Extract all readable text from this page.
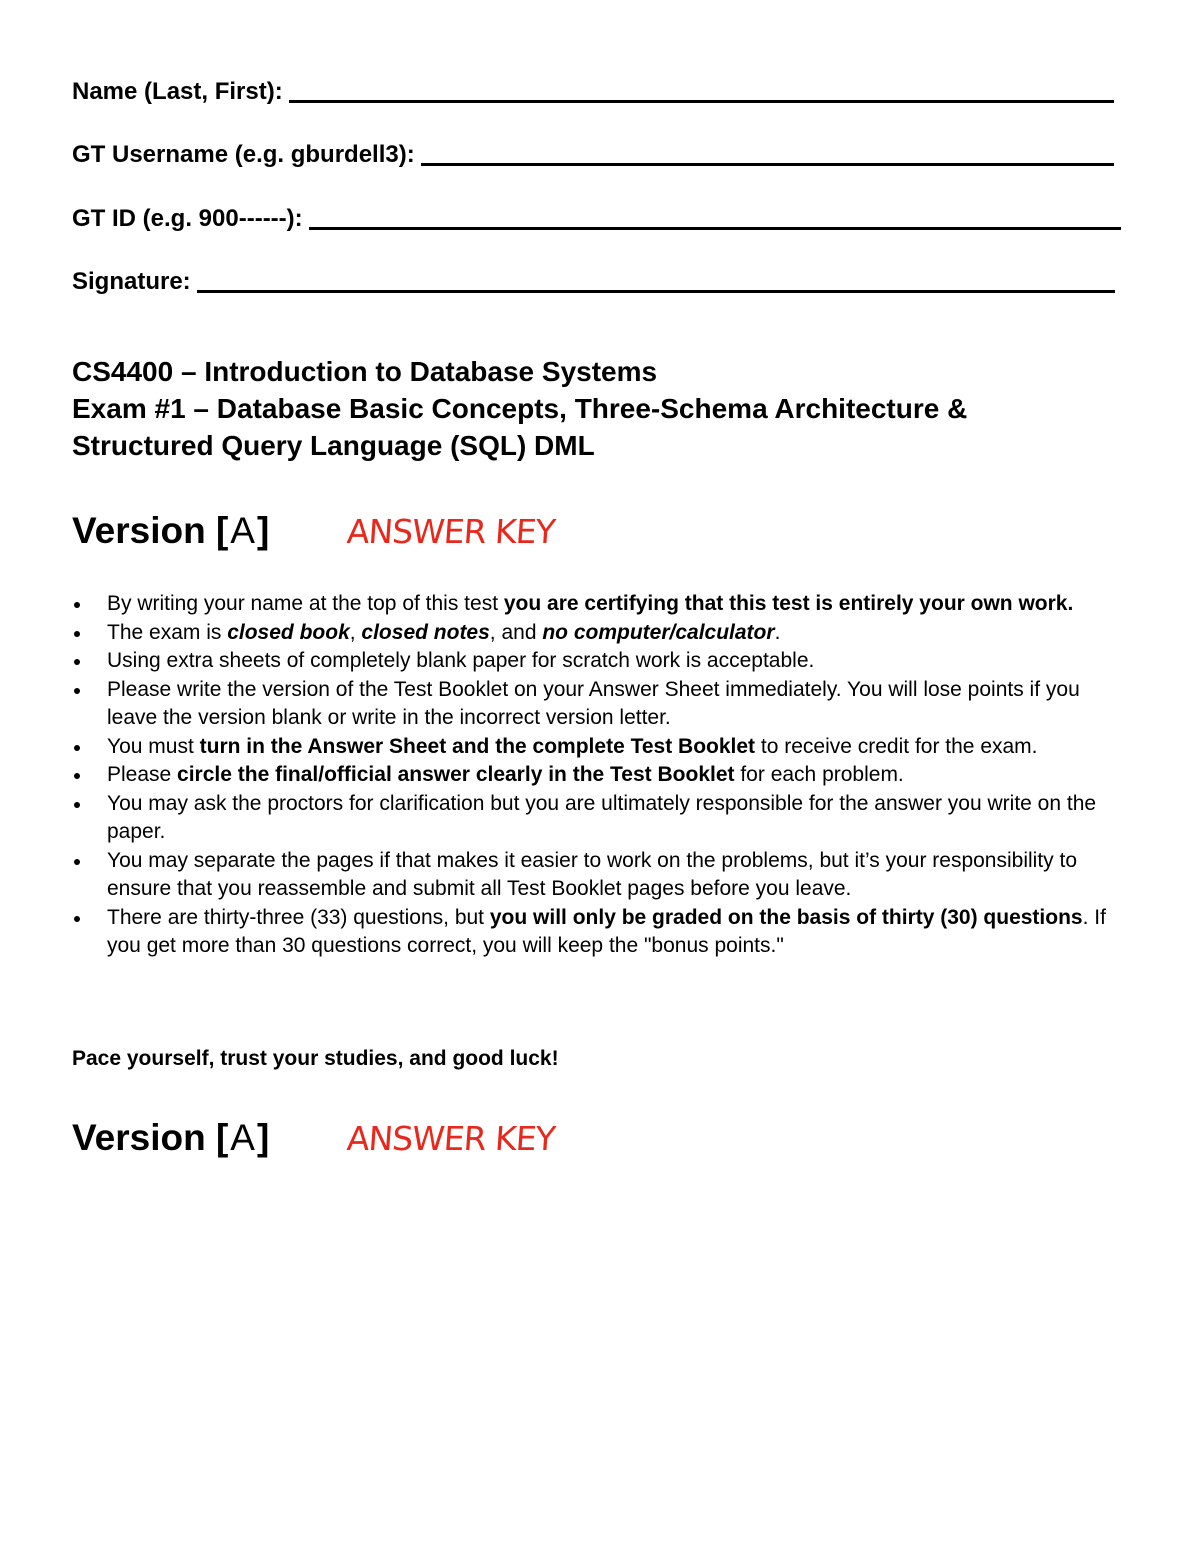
Name (Last, First):
GT Username (e.g. gburdell3):
GT ID (e.g. 900------):
Signature:
CS4400 – Introduction to Database Systems
Exam #1 – Database Basic Concepts, Three-Schema Architecture &
Structured Query Language (SQL) DML
Version [ A ] ANSWER KEY
By writing your name at the top of this test you are certifying that this test is entirely your own work.
The exam is closed book, closed notes, and no computer/calculator.
Using extra sheets of completely blank paper for scratch work is acceptable.
Please write the version of the Test Booklet on your Answer Sheet immediately. You will lose points if you leave the version blank or write in the incorrect version letter.
You must turn in the Answer Sheet and the complete Test Booklet to receive credit for the exam.
Please circle the final/official answer clearly in the Test Booklet for each problem.
You may ask the proctors for clarification but you are ultimately responsible for the answer you write on the paper.
You may separate the pages if that makes it easier to work on the problems, but it’s your responsibility to ensure that you reassemble and submit all Test Booklet pages before you leave.
There are thirty-three (33) questions, but you will only be graded on the basis of thirty (30) questions. If you get more than 30 questions correct, you will keep the "bonus points."
Pace yourself, trust your studies, and good luck!
Version [ A ] ANSWER KEY
